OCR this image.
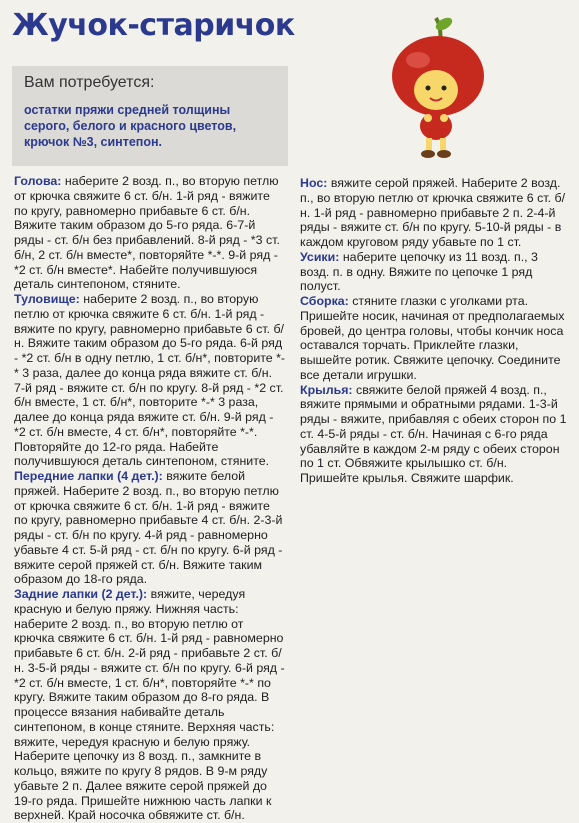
Жучок-старичок
Вам потребуется:
остатки пряжи средней толщины серого, белого и красного цветов, крючок №3, синтепон.

Голова: наберите 2 возд. п., во вторую петлю от крючка свяжите 6 ст. б/н. 1-й ряд - вяжите по кругу, равномерно прибавьте 6 ст. б/н. Вяжите таким образом до 5-го ряда. 6-7-й ряды - ст. б/н без прибавлений. 8-й ряд - *3 ст. б/н, 2 ст. б/н вместе*, повторяйте *-*. 9-й ряд - *2 ст. б/н вместе*. Набейте получившуюся деталь синтепоном, стяните.

Туловище: наберите 2 возд. п., во вторую петлю от крючка свяжите 6 ст. б/н. 1-й ряд - вяжите по кругу, равномерно прибавьте 6 ст. б/н. Вяжите таким образом до 5-го ряда. 6-й ряд - *2 ст. б/н в одну петлю, 1 ст. б/н*, повторите *-* 3 раза, далее до конца ряда вяжите ст. б/н. 7-й ряд - вяжите ст. б/н по кругу. 8-й ряд - *2 ст. б/н вместе, 1 ст. б/н*, повторите *-* 3 раза, далее до конца ряда вяжите ст. б/н. 9-й ряд - *2 ст. б/н вместе, 4 ст. б/н*, повторяйте *-*. Повторяйте до 12-го ряда. Набейте получившуюся деталь синтепоном, стяните.

Передние лапки (4 дет.): вяжите белой пряжей. Наберите 2 возд. п., во вторую петлю от крючка свяжите 6 ст. б/н. 1-й ряд - вяжите по кругу, равномерно прибавьте 4 ст. б/н. 2-3-й ряды - ст. б/н по кругу. 4-й ряд - равномерно убавьте 4 ст. 5-й ряд - ст. б/н по кругу. 6-й ряд - вяжите серой пряжей ст. б/н. Вяжите таким образом до 18-го ряда.

Задние лапки (2 дет.): вяжите, чередуя красную и белую пряжу. Нижняя часть: наберите 2 возд. п., во вторую петлю от крючка свяжите 6 ст. б/н. 1-й ряд - равномерно прибавьте 6 ст. б/н. 2-й ряд - прибавьте 2 ст. б/н. 3-5-й ряды - вяжите ст. б/н по кругу. 6-й ряд - *2 ст. б/н вместе, 1 ст. б/н*, повторяйте *-* по кругу. Вяжите таким образом до 8-го ряда. В процессе вязания набивайте деталь синтепоном, в конце стяните. Верхняя часть: вяжите, чередуя красную и белую пряжу. Наберите цепочку из 8 возд. п., замкните в кольцо, вяжите по кругу 8 рядов. В 9-м ряду убавьте 2 п. Далее вяжите серой пряжей до 19-го ряда. Пришейте нижнюю часть лапки к верхней. Край носочка обвяжите ст. б/н.

Нос: вяжите серой пряжей. Наберите 2 возд. п., во вторую петлю от крючка свяжите 6 ст. б/н. 1-й ряд - равномерно прибавьте 2 п. 2-4-й ряды - вяжите ст. б/н по кругу. 5-10-й ряды - в каждом круговом ряду убавьте по 1 ст.

Усики: наберите цепочку из 11 возд. п., 3 возд. п. в одну. Вяжите по цепочке 1 ряд полуст.

Сборка: стяните глазки с уголками рта. Пришейте носик, начиная от предполагаемых бровей, до центра головы, чтобы кончик носа оставался торчать. Приклейте глазки, вышейте ротик. Свяжите цепочку. Соедините все детали игрушки.

Крылья: свяжите белой пряжей 4 возд. п., вяжите прямыми и обратными рядами. 1-3-й ряды - вяжите, прибавляя с обеих сторон по 1 ст. 4-5-й ряды - ст. б/н. Начиная с 6-го ряда убавляйте в каждом 2-м ряду с обеих сторон по 1 ст. Обвяжите крылышко ст. б/н. Пришейте крылья. Свяжите шарфик.
